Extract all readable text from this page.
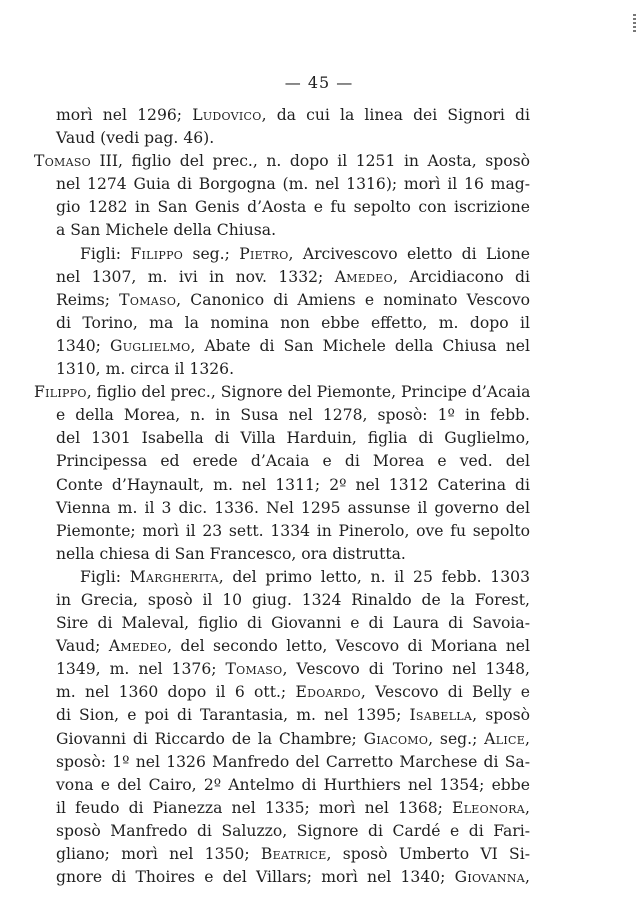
— 45 —
morì nel 1296; Ludovico, da cui la linea dei Signori di
Vaud (vedi pag. 46).
Tomaso III, figlio del prec., n. dopo il 1251 in Aosta, sposò
nel 1274 Guia di Borgogna (m. nel 1316); morì il 16 mag-
gio 1282 in San Genis d’Aosta e fu sepolto con iscrizione
a San Michele della Chiusa.
Figli: Filippo seg.; Pietro, Arcivescovo eletto di Lione
nel 1307, m. ivi in nov. 1332; Amedeo, Arcidiacono di
Reims; Tomaso, Canonico di Amiens e nominato Vescovo
di Torino, ma la nomina non ebbe effetto, m. dopo il
1340; Guglielmo, Abate di San Michele della Chiusa nel
1310, m. circa il 1326.
Filippo, figlio del prec., Signore del Piemonte, Principe d’Acaia
e della Morea, n. in Susa nel 1278, sposò: 1º in febb.
del 1301 Isabella di Villa Harduin, figlia di Guglielmo,
Principessa ed erede d’Acaia e di Morea e ved. del
Conte d’Haynault, m. nel 1311; 2º nel 1312 Caterina di
Vienna m. il 3 dic. 1336. Nel 1295 assunse il governo del
Piemonte; morì il 23 sett. 1334 in Pinerolo, ove fu sepolto
nella chiesa di San Francesco, ora distrutta.
Figli: Margherita, del primo letto, n. il 25 febb. 1303
in Grecia, sposò il 10 giug. 1324 Rinaldo de la Forest,
Sire di Maleval, figlio di Giovanni e di Laura di Savoia-
Vaud; Amedeo, del secondo letto, Vescovo di Moriana nel
1349, m. nel 1376; Tomaso, Vescovo di Torino nel 1348,
m. nel 1360 dopo il 6 ott.; Edoardo, Vescovo di Belly e
di Sion, e poi di Tarantasia, m. nel 1395; Isabella, sposò
Giovanni di Riccardo de la Chambre; Giacomo, seg.; Alice,
sposò: 1º nel 1326 Manfredo del Carretto Marchese di Sa-
vona e del Cairo, 2º Antelmo di Hurthiers nel 1354; ebbe
il feudo di Pianezza nel 1335; morì nel 1368; Eleonora,
sposò Manfredo di Saluzzo, Signore di Cardé e di Fari-
gliano; morì nel 1350; Beatrice, sposò Umberto VI Si-
gnore di Thoires e del Villars; morì nel 1340; Giovanna,
